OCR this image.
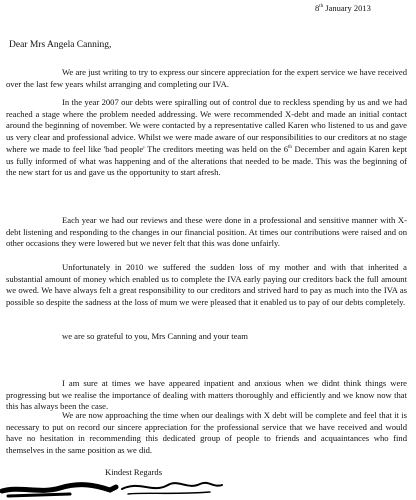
8th January 2013
Dear Mrs Angela Canning,

We are just writing to try to express our sincere appreciation for the expert service we have received over the last few years whilst arranging and completing our IVA.

In the year 2007 our debts were spiralling out of control due to reckless spending by us and we had reached a stage where the problem needed addressing. We were recommended X-debt and made an initial contact around the beginning of november. We were contacted by a representative called Karen who listened to us and gave us very clear and professional advice. Whilst we were made aware of our responsibilities to our creditors at no stage where we made to feel like 'bad people' The creditors meeting was held on the 6th December and again Karen kept us fully informed of what was happening and of the alterations that needed to be made. This was the beginning of the new start for us and gave us the opportunity to start afresh.

Each year we had our reviews and these were done in a professional and sensitive manner with X-debt listening and responding to the changes in our financial position. At times our contributions were raised and on other occasions they were lowered but we never felt that this was done unfairly.

Unfortunately in 2010 we suffered the sudden loss of my mother and with that inherited a substantial amount of money which enabled us to complete the IVA early paying our creditors back the full amount we owed. We have always felt a great responsibility to our creditors and strived hard to pay as much into the IVA as possible so despite the sadness at the loss of mum we were pleased that it enabled us to pay of our debts completely.

we are so grateful to you, Mrs Canning and your team

I am sure at times we have appeared inpatient and anxious when we didnt think things were progressing but we realise the importance of dealing with matters thoroughly and efficiently and we know now that this has always been the case.

We are now approaching the time when our dealings with X debt will be complete and feel that it is necessary to put on record our sincere appreciation for the professional service that we have received and would have no hesitation in recommending this dedicated group of people to friends and acquaintances who find themselves in the same position as we did.

Kindest Regards
